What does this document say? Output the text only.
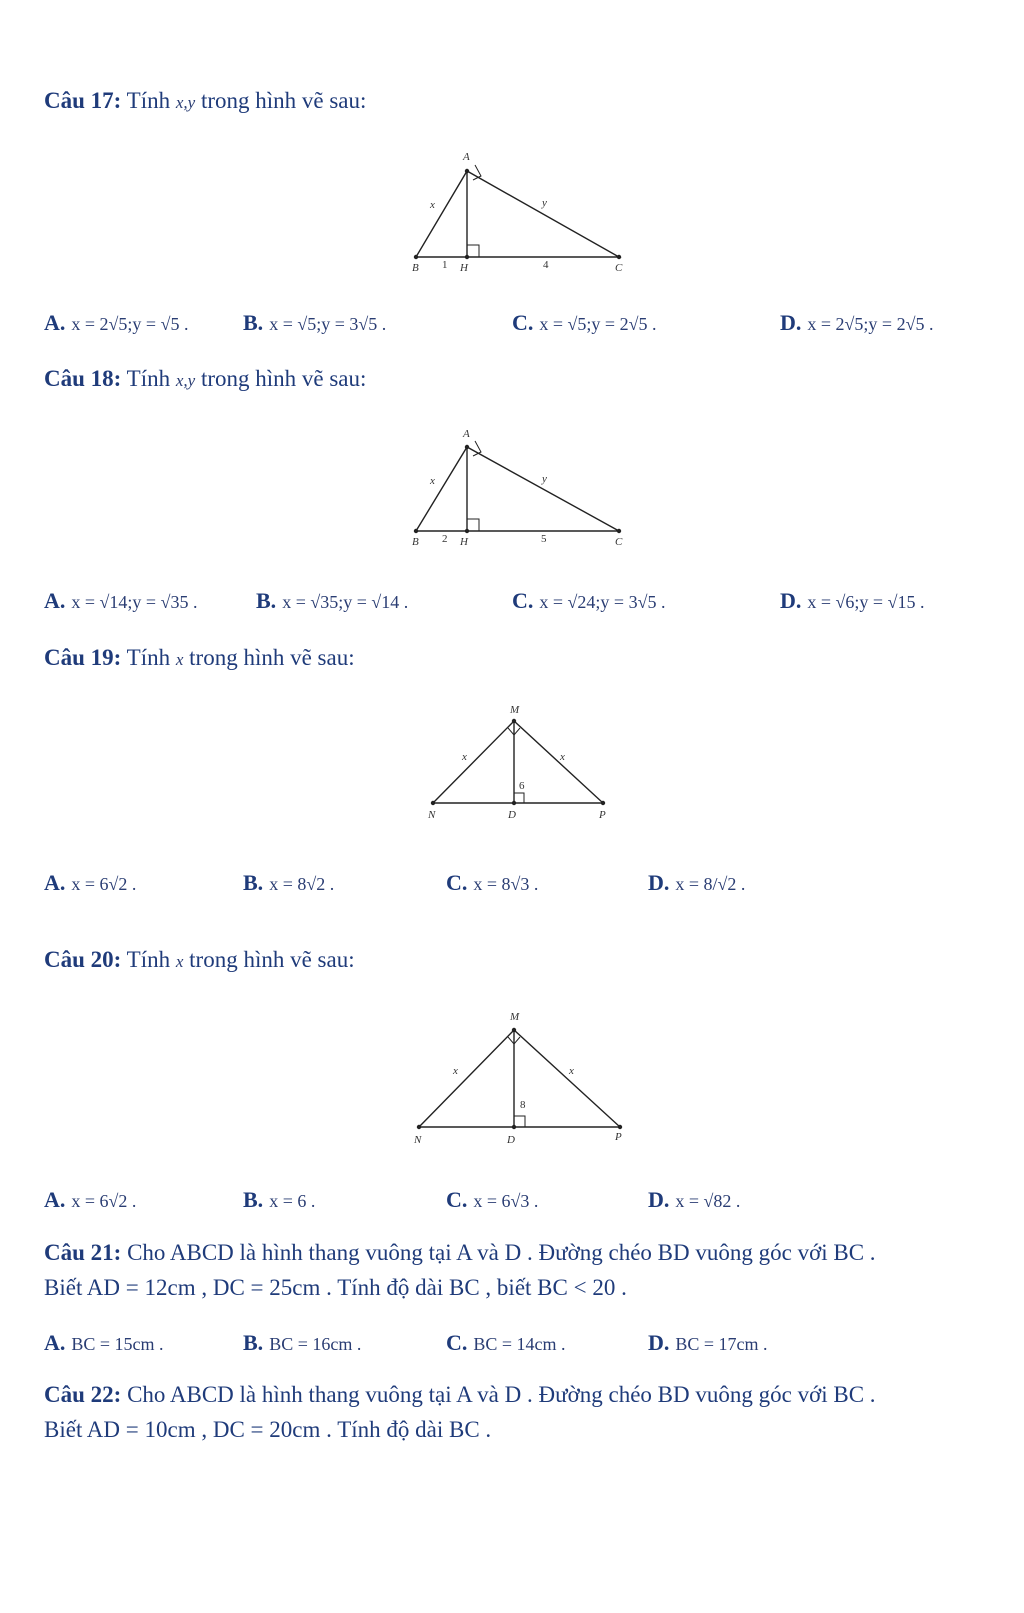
Câu 17: Tính x,y trong hình vẽ sau:
A
B	H	C
x	y
1	4
A. x = 2√5;y = √5 . B. x = √5;y = 3√5 .	C. x = √5;y = 2√5 .	D. x = 2√5;y = 2√5 .
Câu 18: Tính x,y trong hình vẽ sau:
A
B	H	C
x	y
2	5
A. x = √14;y = √35 .	B. x = √35;y = √14 .	C. x = √24;y = 3√5 .	D. x = √6;y = √15 .
Câu 19: Tính x trong hình vẽ sau:
M
N	D	P
x	x
6
A. x = 6√2 .	B. x = 8√2 .	C. x = 8√3 .	D. x = 8/√2 .
Câu 20: Tính x trong hình vẽ sau:
M
N	D	P
x	x
8
A. x = 6√2 .	B. x = 6 .	C. x = 6√3 .	D. x = √82 .
Câu 21: Cho ABCD là hình thang vuông tại A và D . Đường chéo BD vuông góc với BC .
Biết AD = 12cm , DC = 25cm . Tính độ dài BC , biết BC < 20 .
A. BC = 15cm .	B. BC = 16cm .	C. BC = 14cm .	D. BC = 17cm .
Câu 22: Cho ABCD là hình thang vuông tại A và D . Đường chéo BD vuông góc với BC .
Biết AD = 10cm , DC = 20cm . Tính độ dài BC .
